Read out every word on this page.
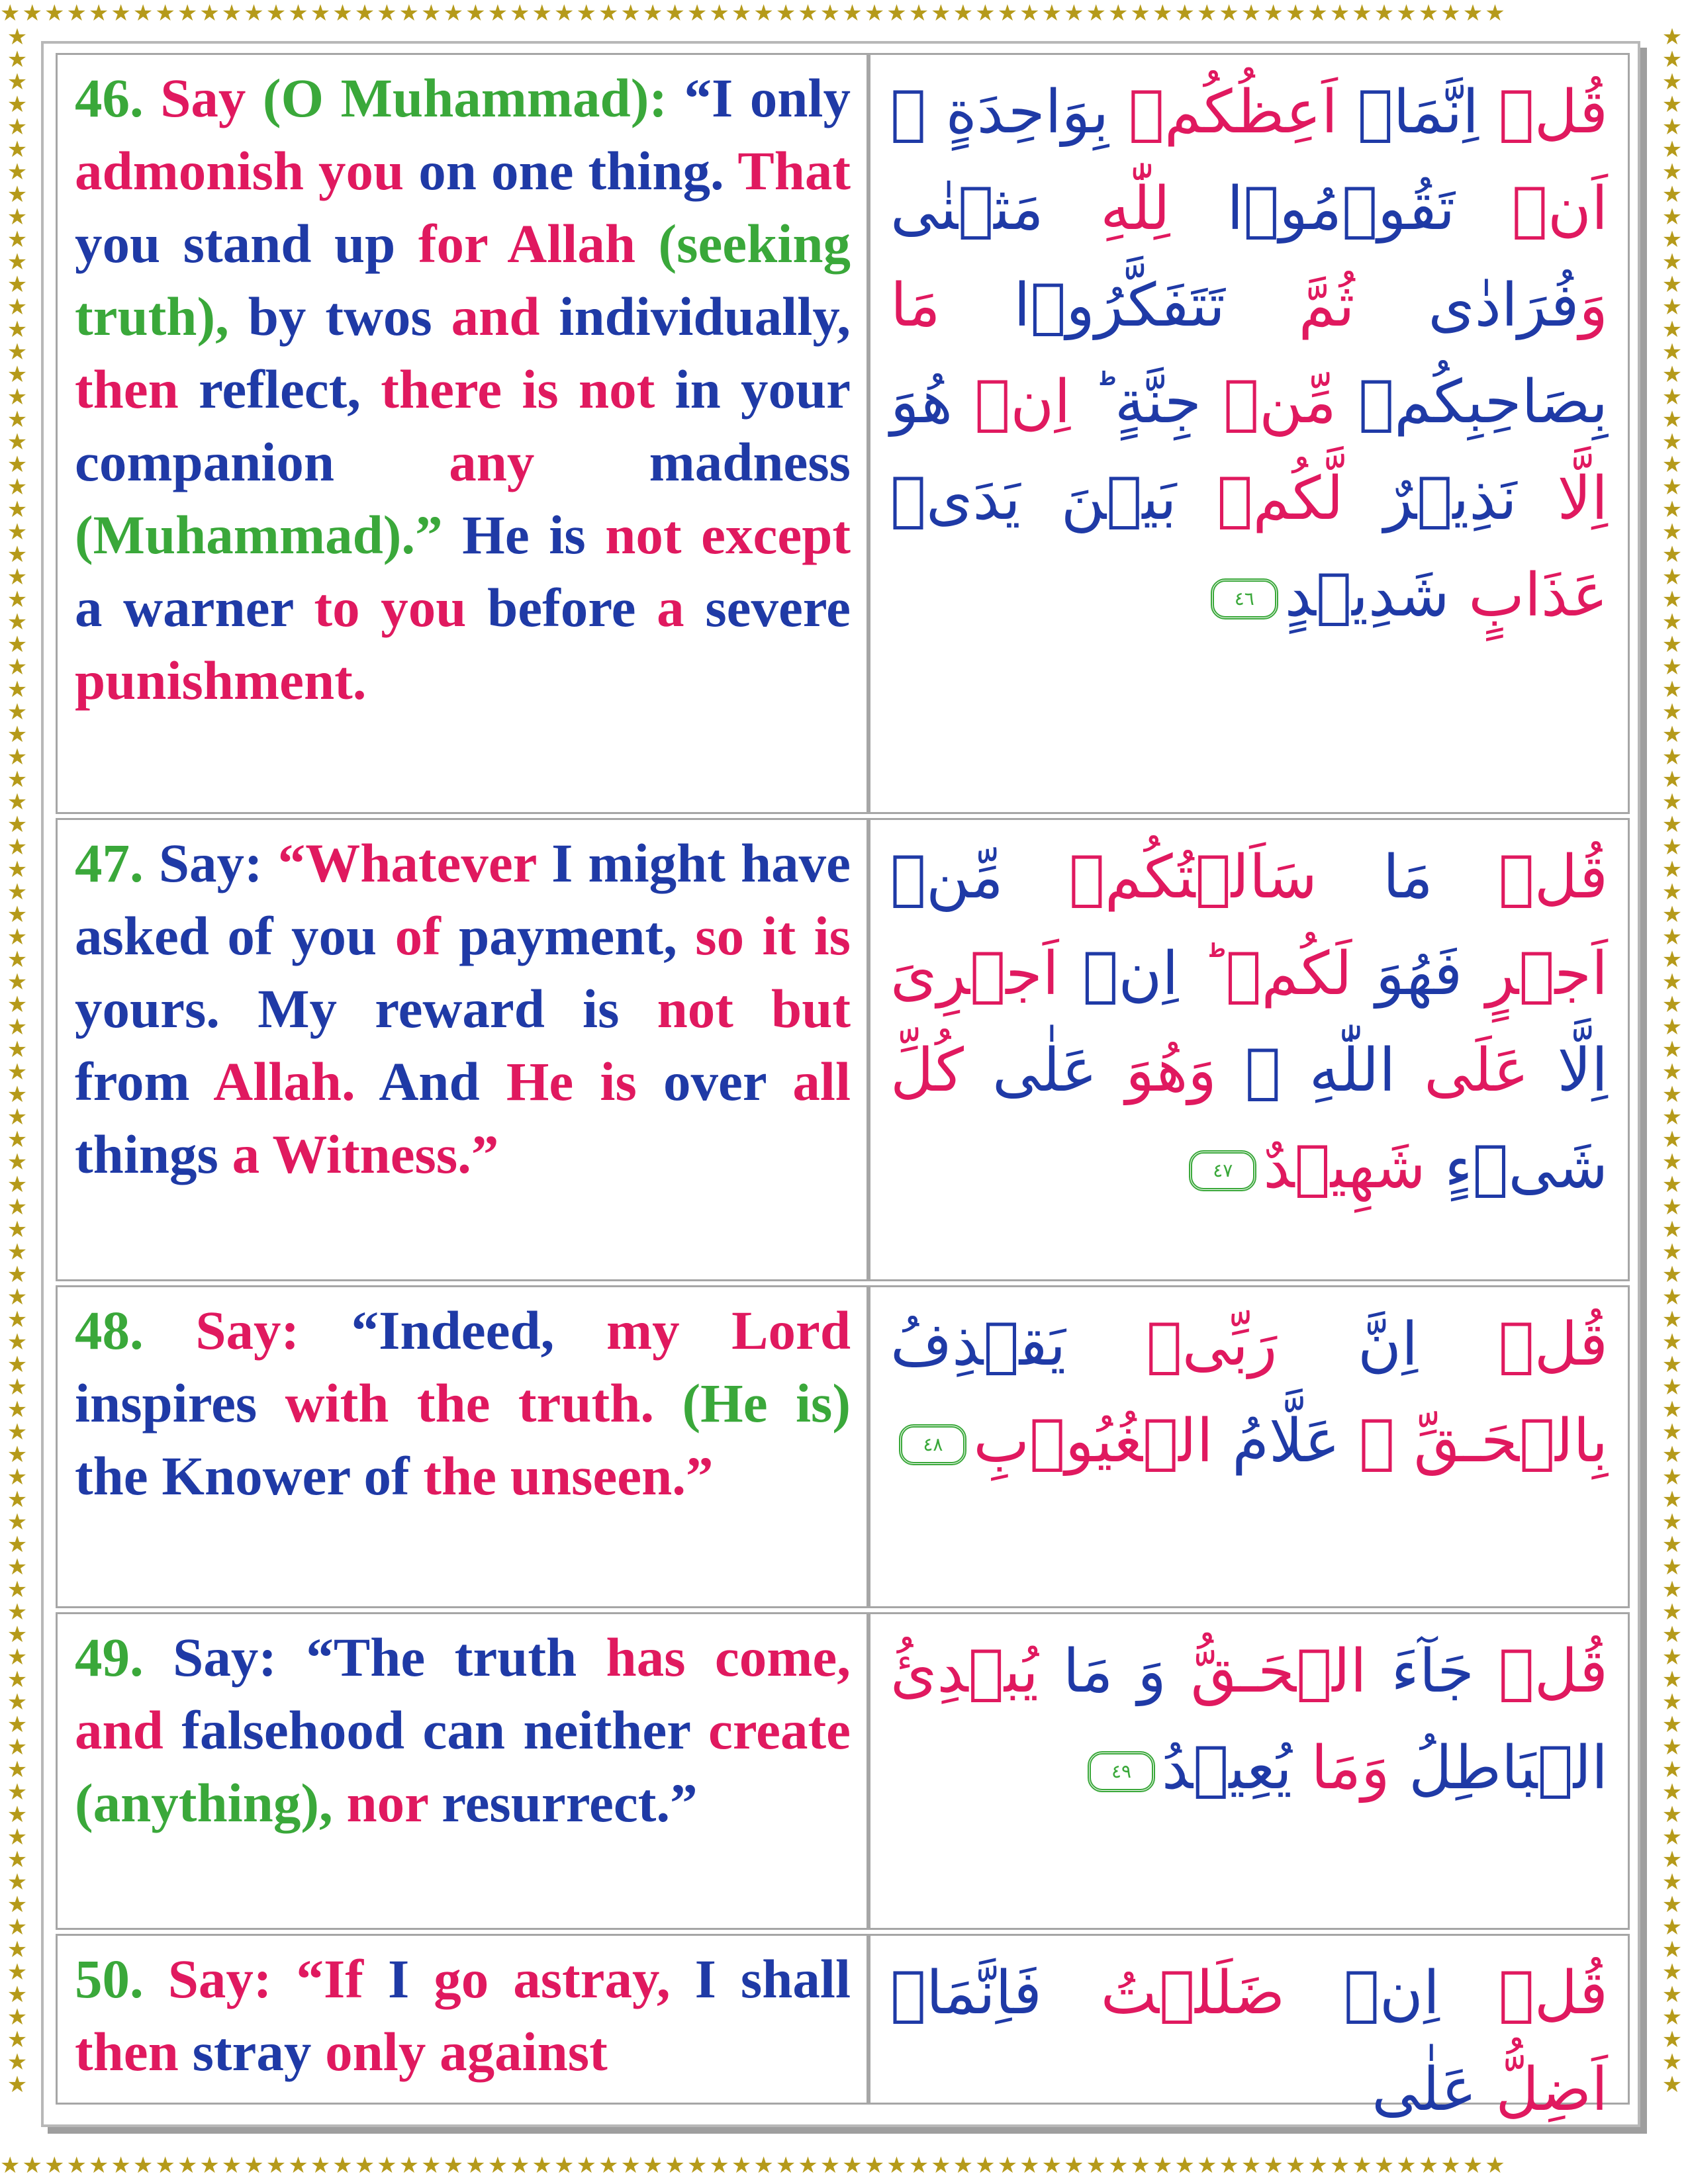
★★★★★★★★★★★★★★★★★★★★★★★★★★★★★★★★★★★★★★★★★★★★★★★★★★★★★★★★★★★★★★★★★★★★
★★★★★★★★★★★★★★★★★★★★★★★★★★★★★★★★★★★★★★★★★★★★★★★★★★★★★★★★★★★★★★★★★★★★★★★★★★★★★★★★★★★★★★★★★★★★
★★★★★★★★★★★★★★★★★★★★★★★★★★★★★★★★★★★★★★★★★★★★★★★★★★★★★★★★★★★★★★★★★★★★★★★★★★★★★★★★★★★★★★★★★★★★
★★★★★★★★★★★★★★★★★★★★★★★★★★★★★★★★★★★★★★★★★★★★★★★★★★★★★★★★★★★★★★★★★★★★
46. Say (O Muhammad): “I only admonish you on one thing. That you stand up for Allah (seeking truth), by twos and individually, then reflect, there is not in your companion any madness (Muhammad).” He is not except a warner to you before a severe punishment.
قُلۡ اِنَّمَاۤ اَعِظُكُمۡ بِوَاحِدَةٍ ۚ اَنۡ تَقُوۡمُوۡا لِلّٰهِ مَثۡنٰى وَفُرَادٰى ثُمَّ تَتَفَكَّرُوۡا مَا بِصَاحِبِكُمۡ مِّنۡ جِنَّةٍ ؕ اِنۡ هُوَ اِلَّا نَذِيۡرٌ لَّكُمۡ بَيۡنَ يَدَىۡ عَذَابٍ شَدِيۡدٍ٤٦
47. Say: “Whatever I might have asked of you of payment, so it is yours. My reward is not but from Allah. And He is over all things a Witness.”
قُلۡ مَا سَاَلۡتُكُمۡ مِّنۡ اَجۡرٍ فَهُوَ لَكُمۡ ؕ اِنۡ اَجۡرِىَ اِلَّا عَلَى اللّٰهِ ۚ وَهُوَ عَلٰى كُلِّ شَىۡءٍ شَهِيۡدٌ٤٧
48. Say: “Indeed, my Lord inspires with the truth. (He is) the Knower of the unseen.”
قُلۡ اِنَّ رَبِّىۡ يَقۡذِفُ بِالۡحَـقِّ ۚ عَلَّامُ الۡغُيُوۡبِ٤٨
49. Say: “The truth has come, and falsehood can neither create (anything), nor resurrect.”
قُلۡ جَآءَ الۡحَـقُّ وَ مَا يُبۡدِئُ الۡبَاطِلُ وَمَا يُعِيۡدُ٤٩
50. Say: “If I go astray, I shall then stray only against
قُلۡ اِنۡ ضَلَلۡتُ فَاِنَّمَاۤ اَضِلُّ عَلٰى
